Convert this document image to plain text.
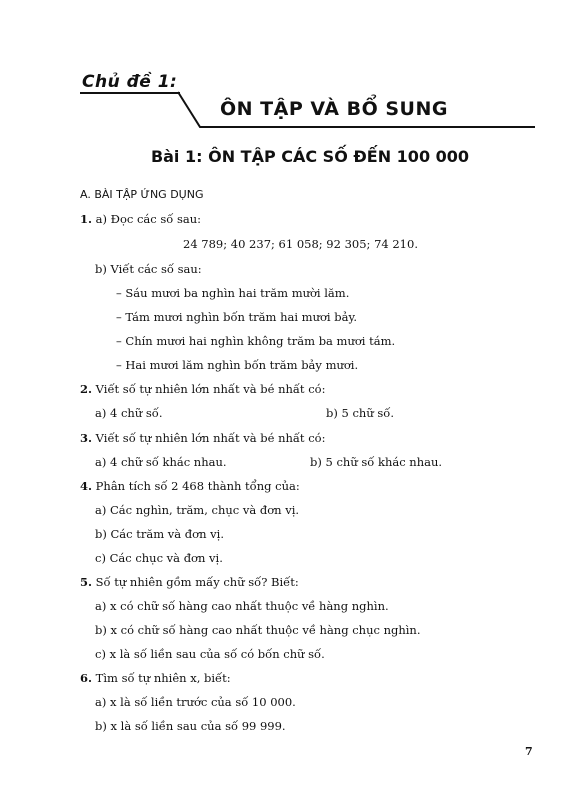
Chủ đề 1:
ÔN TẬP VÀ BỔ SUNG
Bài 1: ÔN TẬP CÁC SỐ ĐẾN 100 000
A. BÀI TẬP ỨNG DỤNG
1. a) Đọc các số sau:
24 789; 40 237; 61 058; 92 305; 74 210.
b) Viết các số sau:
– Sáu mươi ba nghìn hai trăm mười lăm.
– Tám mươi nghìn bốn trăm hai mươi bảy.
– Chín mươi hai nghìn không trăm ba mươi tám.
– Hai mươi lăm nghìn bốn trăm bảy mươi.
2. Viết số tự nhiên lớn nhất và bé nhất có:
a) 4 chữ số.	b) 5 chữ số.
3. Viết số tự nhiên lớn nhất và bé nhất có:
a) 4 chữ số khác nhau.	b) 5 chữ số khác nhau.
4. Phân tích số 2 468 thành tổng của:
a) Các nghìn, trăm, chục và đơn vị.
b) Các trăm và đơn vị.
c) Các chục và đơn vị.
5. Số tự nhiên gồm mấy chữ số? Biết:
a) x có chữ số hàng cao nhất thuộc về hàng nghìn.
b) x có chữ số hàng cao nhất thuộc về hàng chục nghìn.
c) x là số liền sau của số có bốn chữ số.
6. Tìm số tự nhiên x, biết:
a) x là số liền trước của số 10 000.
b) x là số liền sau của số 99 999.
7
